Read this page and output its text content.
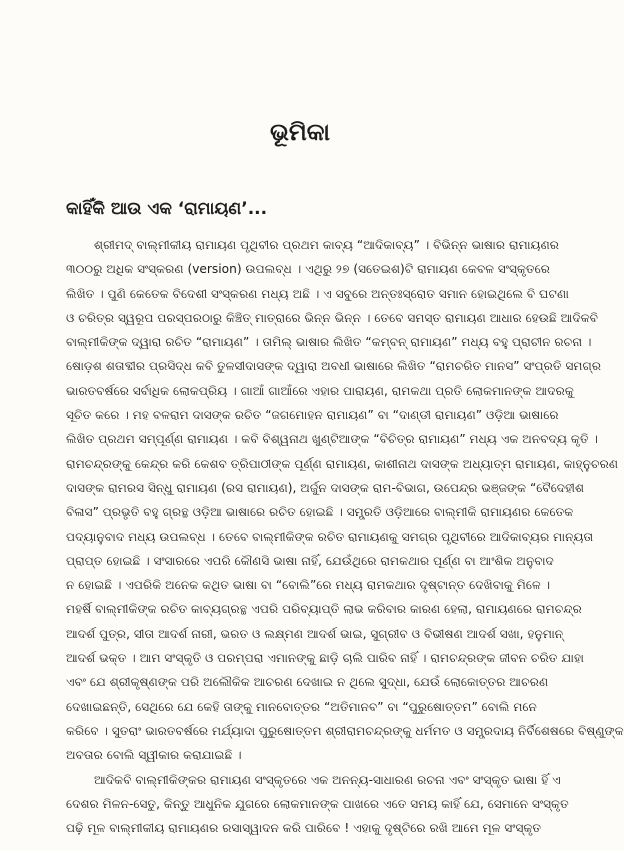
ଭୂମିକା
କାହିଁକି ଆଉ ଏକ ‘ରାମାୟଣ’...
ଶ୍ରୀମଦ୍ ବାଲ୍ମୀକୀୟ ରାମାୟଣ ପୃଥିବୀର ପ୍ରଥମ କାବ୍ୟ “ଆଦିକାବ୍ୟ” । ବିଭିନ୍ନ ଭାଷାର ରାମାୟଣର
୩୦୦ରୁ ଅଧିକ ସଂସ୍କରଣ (version) ଉପଲବ୍ଧ । ଏଥିରୁ ୨୭ (ସତେଇଶ)ଟି ରାମାୟଣ କେବଳ ସଂସ୍କୃତରେ
ଲିଖିତ । ପୁଣି କେତେକ ବିଦେଶୀ ସଂସ୍କରଣ ମଧ୍ୟ ଅଛି । ଏ ସବୁରେ ଅନ୍ତଃସ୍ରୋତ ସମାନ ହୋଇଥିଲେ ବି ଘଟଣା
ଓ ଚରିତ୍ର ସ୍ୱରୂପ ପରସ୍ପରଠାରୁ କିଞ୍ଚିତ୍ ମାତ୍ରାରେ ଭିନ୍ନ ଭିନ୍ନ । ତେବେ ସମସ୍ତ ରାମାୟଣ ଆଧାର ହେଉଛି ଆଦିକବି
ବାଲ୍ମୀକିଙ୍କ ଦ୍ୱାରା ରଚିତ “ରାମାୟଣ” । ତାମିଲ୍ ଭାଷାର ଲିଖିତ “କମ୍ବନ୍ ରାମାୟଣ” ମଧ୍ୟ ବହୁ ପ୍ରାଚୀନ ରଚନା ।
ଷୋଡ଼ଶ ଶତାବ୍ଦୀର ପ୍ରସିଦ୍ଧ କବି ତୁଳସୀଦାସଙ୍କ ଦ୍ୱାରା ଅବଧୀ ଭାଷାରେ ଲିଖିତ “ରାମଚରିତ ମାନସ” ସଂପ୍ରତି ସମଗ୍ର
ଭାରତବର୍ଷରେ ସର୍ବାଧିକ ଲୋକପ୍ରିୟ । ଗାଆଁ ଗାଆଁରେ ଏହାର ପାରାୟଣ, ରାମକଥା ପ୍ରତି ଲୋକମାନଙ୍କ ଆଦରକୁ
ସୂଚିତ କରେ । ମହ ବଳରାମ ଦାସଙ୍କ ରଚିତ “ଜଗମୋହନ ରାମାୟଣ” ବା “ଦାଣ୍ଡୀ ରାମାୟଣ” ଓଡ଼ିଆ ଭାଷାରେ
ଲିଖିତ ପ୍ରଥମ ସମ୍ପୂର୍ଣ୍ଣ ରାମାୟଣ । କବି ବିଶ୍ୱନାଥ ଖୁଣ୍ଟିଆଙ୍କ “ବିଚିତ୍ର ରାମାୟଣ” ମଧ୍ୟ ଏକ ଅନବଦ୍ୟ କୃତି ।
ରାମଚନ୍ଦ୍ରଙ୍କୁ କେନ୍ଦ୍ର କରି କେଶବ ତ୍ରିପାଠୀଙ୍କ ପୂର୍ଣ୍ଣ ରାମାୟଣ, କାଶୀନାଥ ଦାସଙ୍କ ଅଧ୍ୟାତ୍ମ ରାମାୟଣ, କାହ୍ନୁଚରଣ
ଦାସଙ୍କ ରାମରସ ସିନ୍ଧୁ ରାମାୟଣ (ରସ ରାମାୟଣ), ଅର୍ଜୁନ ଦାସଙ୍କ ରାମ-ବିଭାଗ, ଉପେନ୍ଦ୍ର ଭଞ୍ଜଙ୍କ “ବୈଦେହୀଶ
ବିଳାସ” ପ୍ରଭୃତି ବହୁ ଗ୍ରନ୍ଥ ଓଡ଼ିଆ ଭାଷାରେ ରଚିତ ହୋଇଛି । ସମ୍ପ୍ରତି ଓଡ଼ିଆରେ ବାଲ୍ମୀକି ରାମାୟଣର କେତେକ
ପଦ୍ୟାନୁବାଦ ମଧ୍ୟ ଉପଲବ୍ଧ । ତେବେ ବାଲ୍ମୀକିଙ୍କ ରଚିତ ରାମାୟଣକୁ ସମଗ୍ର ପୃଥିବୀରେ ଆଦିକାବ୍ୟର ମାନ୍ୟତା
ପ୍ରାପ୍ତ ହୋଇଛି । ସଂସାରରେ ଏପରି କୌଣସି ଭାଷା ନାହିଁ, ଯେଉଁଥିରେ ରାମକଥାର ପୂର୍ଣ୍ଣ ବା ଆଂଶିକ ଅନୁବାଦ
ନ ହୋଇଛି । ଏପରିକି ଅନେକ କଥିତ ଭାଷା ବା “ବୋଲି”ରେ ମଧ୍ୟ ରାମକଥାର ଦୃଷ୍ଟାନ୍ତ ଦେଖିବାକୁ ମିଳେ ।
ମହର୍ଷି ବାଲ୍ମୀକିଙ୍କ ରଚିତ କାବ୍ୟଗ୍ରନ୍ଥ ଏପରି ପରିବ୍ୟାପ୍ତି ଲାଭ କରିବାର କାରଣ ହେଲା, ରାମାୟଣରେ ରାମଚନ୍ଦ୍ର
ଆଦର୍ଶ ପୁତ୍ର, ସୀତା ଆଦର୍ଶ ନାରୀ, ଭରତ ଓ ଲକ୍ଷ୍ମଣ ଆଦର୍ଶ ଭାଇ, ସୁଗ୍ରୀବ ଓ ବିଭୀଷଣ ଆଦର୍ଶ ସଖା, ହନୁମାନ୍
ଆଦର୍ଶ ଭକ୍ତ । ଆମ ସଂସ୍କୃତି ଓ ପରମ୍ପରା ଏମାନଙ୍କୁ ଛାଡ଼ି ଚାଲି ପାରିବ ନାହିଁ । ରାମଚନ୍ଦ୍ରଙ୍କ ଜୀବନ ଚରିତ ଯାହା
ଏବଂ ଯେ ଶ୍ରୀକୃଷ୍ଣଙ୍କ ପରି ଅଲୌକିକ ଆଚରଣ ଦେଖାଇ ନ ଥିଲେ ସୁଦ୍ଧା, ଯେଉଁ ଲୋକୋତ୍ତର ଆଚରଣ
ଦେଖାଇଛନ୍ତି, ସେଥିରେ ଯେ କେହି ତାଙ୍କୁ ମାନବୋତ୍ତର “ଅତିମାନବ” ବା “ପୁରୁଷୋତ୍ତମ” ବୋଲି ମନେ
କରିବେ । ସୁତରାଂ ଭାରତବର୍ଷରେ ମର୍ଯ୍ୟାଦା ପୁରୁଷୋତ୍ତମ ଶ୍ରୀରାମଚନ୍ଦ୍ରଙ୍କୁ ଧର୍ମମତ ଓ ସମ୍ପ୍ରଦାୟ ନିର୍ବିଶେଷରେ ବିଷ୍ଣୁଙ୍କ
ଅବତାର ବୋଲି ସ୍ୱୀକାର କରାଯାଇଛି ।
ଆଦିକବି ବାଲ୍ମୀକିଙ୍କର ରାମାୟଣ ସଂସ୍କୃତରେ ଏକ ଅନନ୍ୟ-ସାଧାରଣ ରଚନା ଏବଂ ସଂସ୍କୃତ ଭାଷା ହିଁ ଏ
ଦେଶର ମିଳନ-ସେତୁ, କିନ୍ତୁ ଆଧୁନିକ ଯୁଗରେ ଲୋକମାନଙ୍କ ପାଖରେ ଏତେ ସମୟ କାହିଁ ଯେ, ସେମାନେ ସଂସ୍କୃତ
ପଢ଼ି ମୂଳ ବାଲ୍ମୀକୀୟ ରାମାୟଣର ରସାସ୍ୱାଦନ କରି ପାରିବେ ! ଏହାକୁ ଦୃଷ୍ଟିରେ ରଖି ଆମେ ମୂଳ ସଂସ୍କୃତ
